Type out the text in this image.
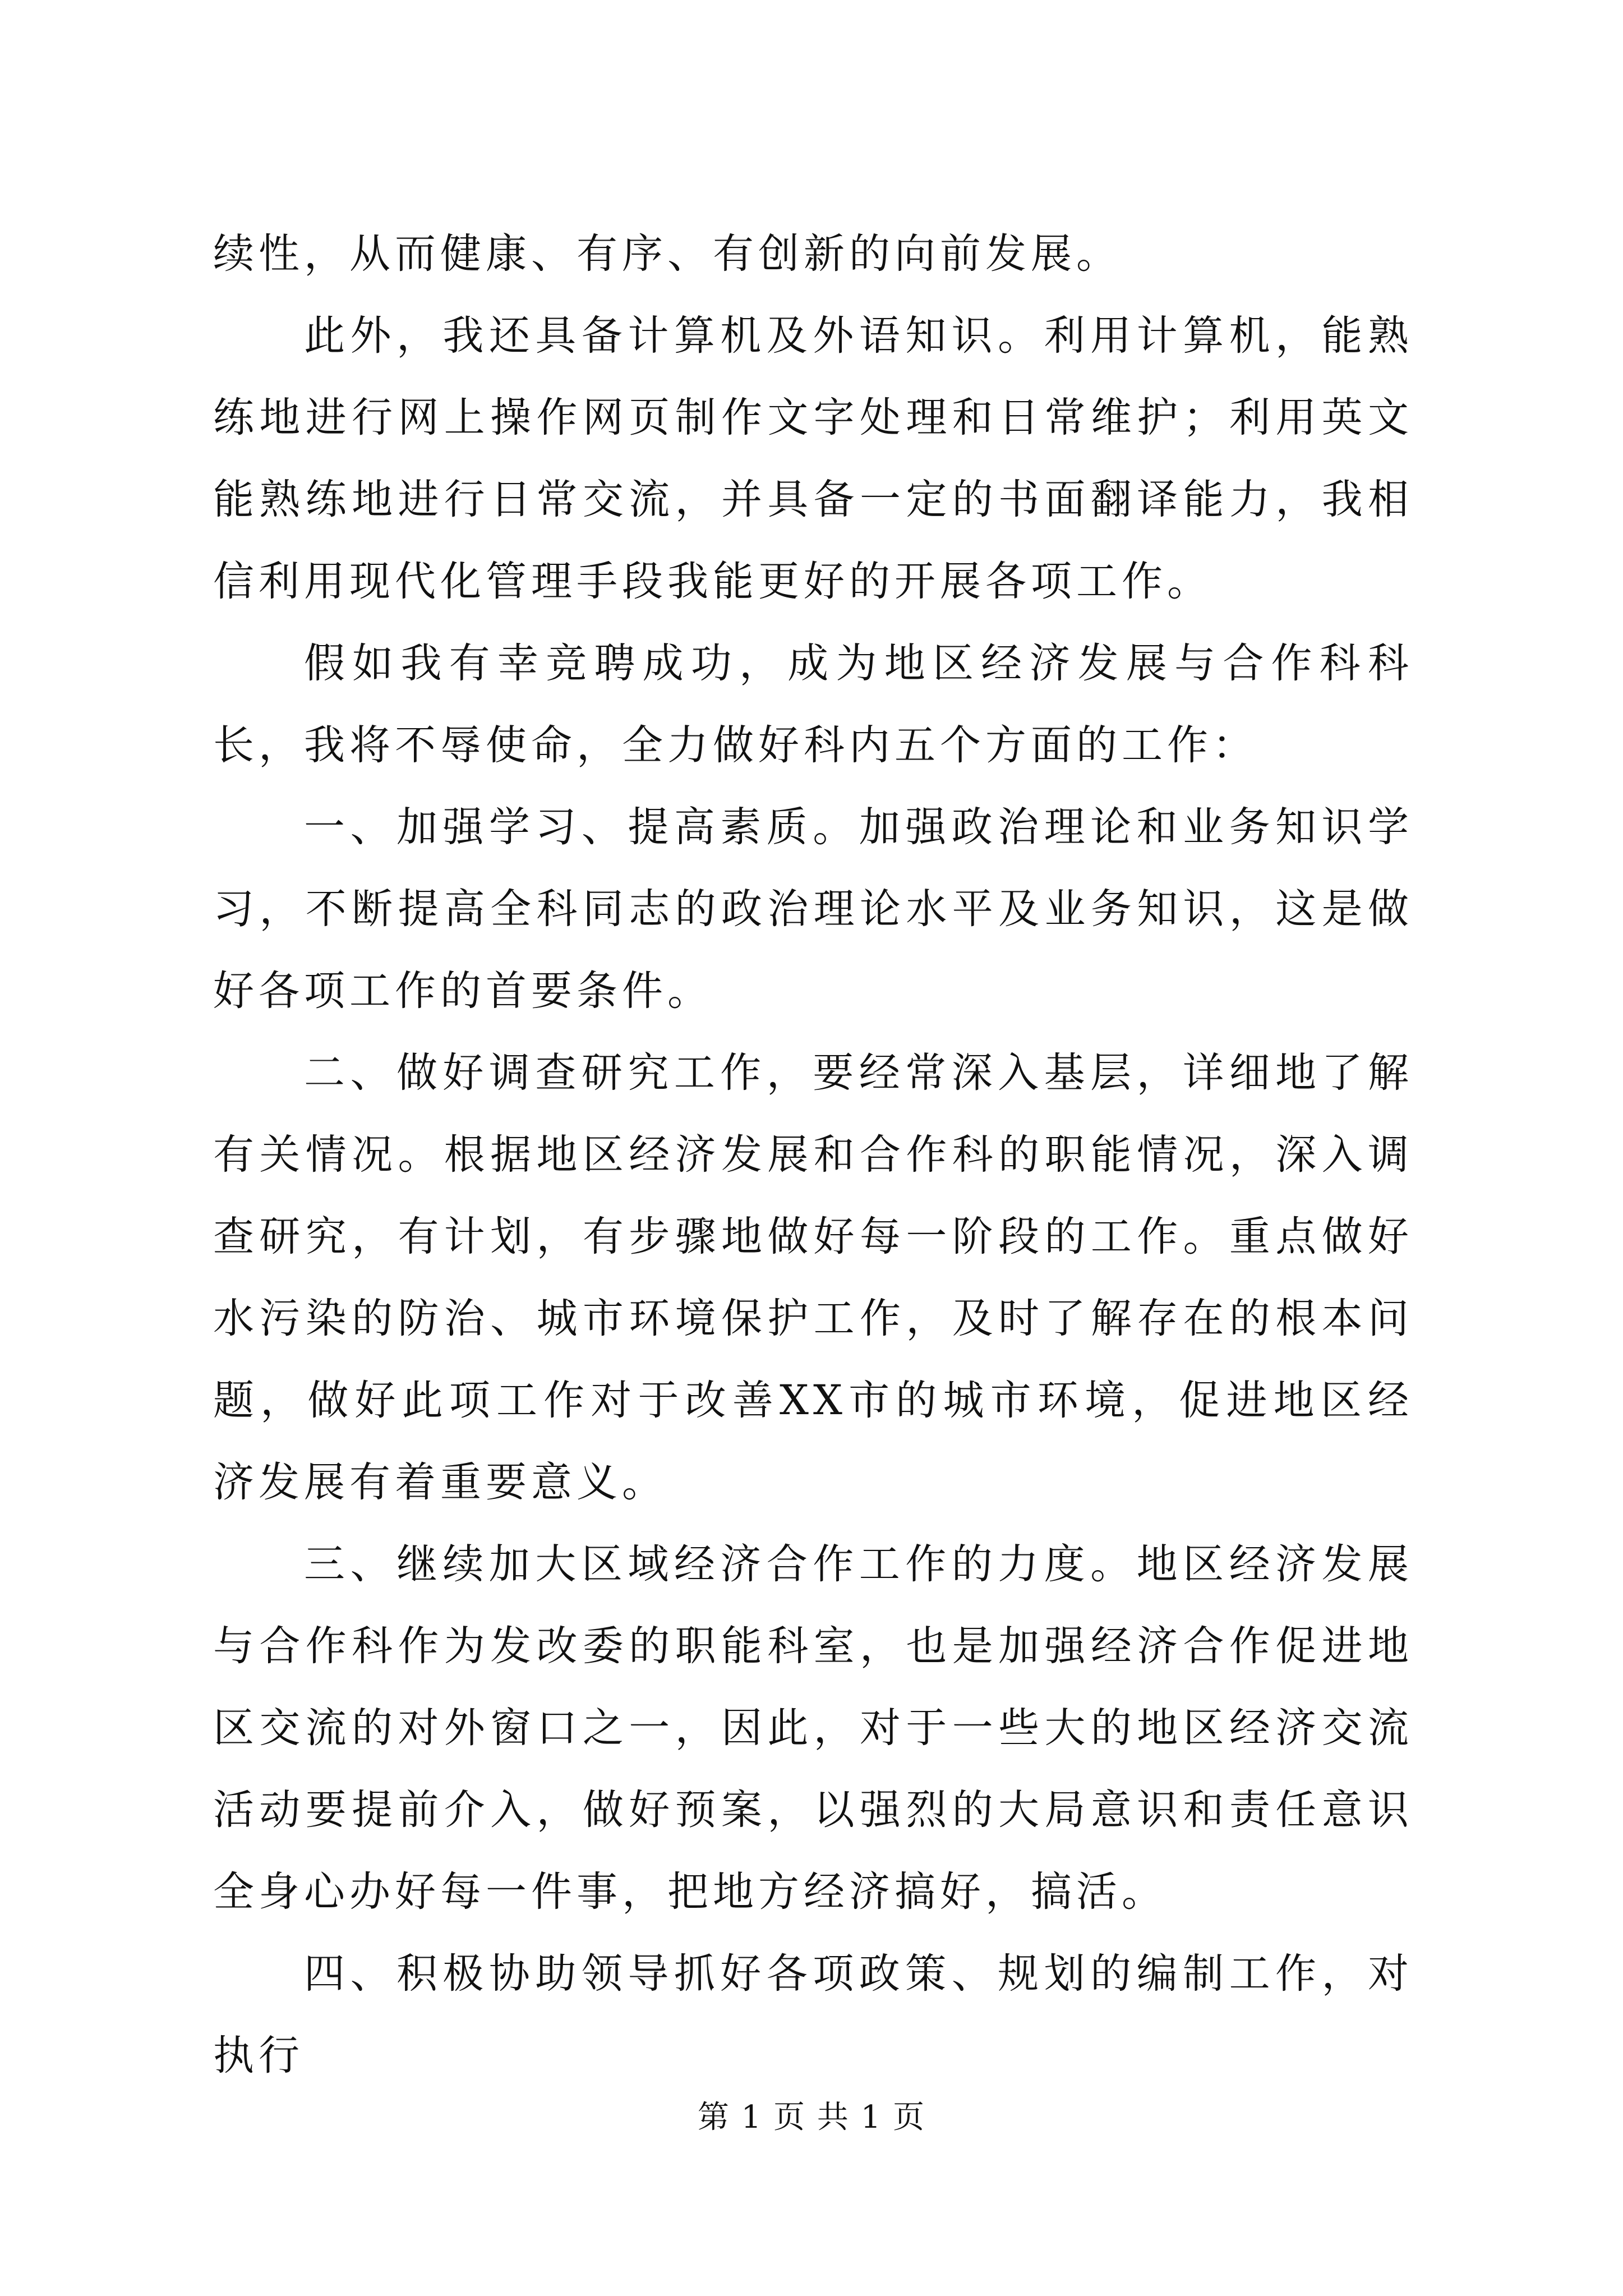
续性，从而健康、有序、有创新的向前发展。

此外，我还具备计算机及外语知识。利用计算机，能熟练地进行网上操作网页制作文字处理和日常维护；利用英文能熟练地进行日常交流，并具备一定的书面翻译能力，我相信利用现代化管理手段我能更好的开展各项工作。

假如我有幸竞聘成功，成为地区经济发展与合作科科长，我将不辱使命，全力做好科内五个方面的工作：

一、加强学习、提高素质。加强政治理论和业务知识学习，不断提高全科同志的政治理论水平及业务知识，这是做好各项工作的首要条件。

二、做好调查研究工作，要经常深入基层，详细地了解有关情况。根据地区经济发展和合作科的职能情况，深入调查研究，有计划，有步骤地做好每一阶段的工作。重点做好水污染的防治、城市环境保护工作，及时了解存在的根本问题，做好此项工作对于改善XX市的城市环境，促进地区经济发展有着重要意义。

三、继续加大区域经济合作工作的力度。地区经济发展与合作科作为发改委的职能科室，也是加强经济合作促进地区交流的对外窗口之一，因此，对于一些大的地区经济交流活动要提前介入，做好预案，以强烈的大局意识和责任意识全身心办好每一件事，把地方经济搞好，搞活。

四、积极协助领导抓好各项政策、规划的编制工作，对执行

第 1 页 共 1 页
